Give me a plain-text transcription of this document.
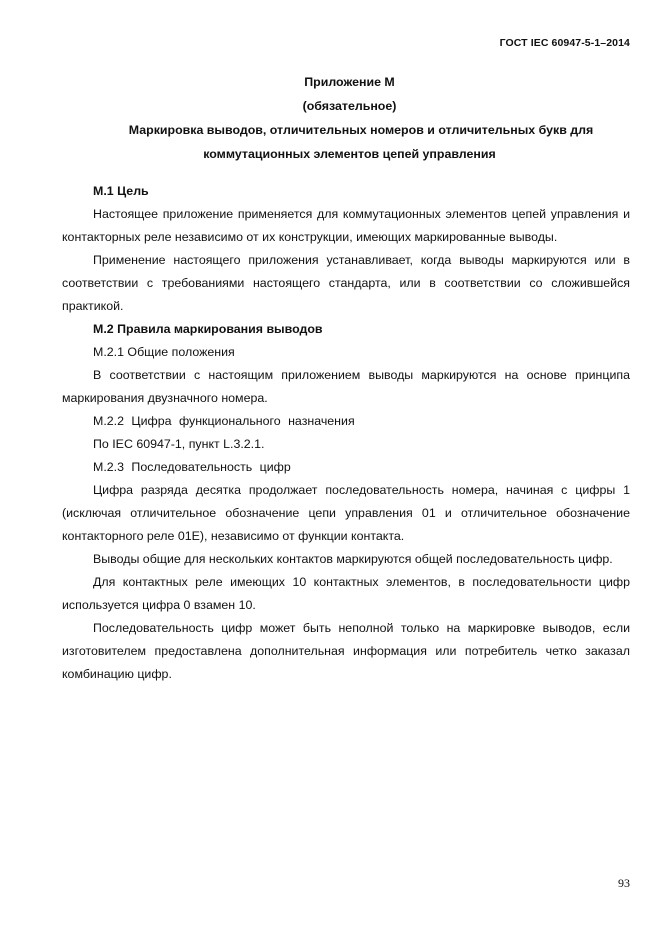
ГОСТ IEC 60947-5-1–2014
Приложение М
(обязательное)
Маркировка выводов, отличительных номеров и отличительных букв для
коммутационных элементов цепей управления

М.1 Цель

Настоящее приложение применяется для коммутационных элементов цепей управления и контакторных реле независимо от их конструкции, имеющих маркированные выводы.

Применение настоящего приложения устанавливает, когда выводы маркируются или в соответствии с требованиями настоящего стандарта, или в соответствии со сложившейся практикой.

М.2 Правила маркирования выводов

М.2.1 Общие положения

В соответствии с настоящим приложением выводы маркируются на основе принципа маркирования двузначного номера.

М.2.2 Цифра функционального назначения

По IEC 60947-1, пункт L.3.2.1.

М.2.3 Последовательность цифр

Цифра разряда десятка продолжает последовательность номера, начиная с цифры 1 (исключая отличительное обозначение цепи управления 01 и отличительное обозначение контакторного реле 01Е), независимо от функции контакта.

Выводы общие для нескольких контактов маркируются общей последовательность цифр.

Для контактных реле имеющих 10 контактных элементов, в последовательности цифр используется цифра 0 взамен 10.

Последовательность цифр может быть неполной только на маркировке выводов, если изготовителем предоставлена дополнительная информация или потребитель четко заказал комбинацию цифр.

93
